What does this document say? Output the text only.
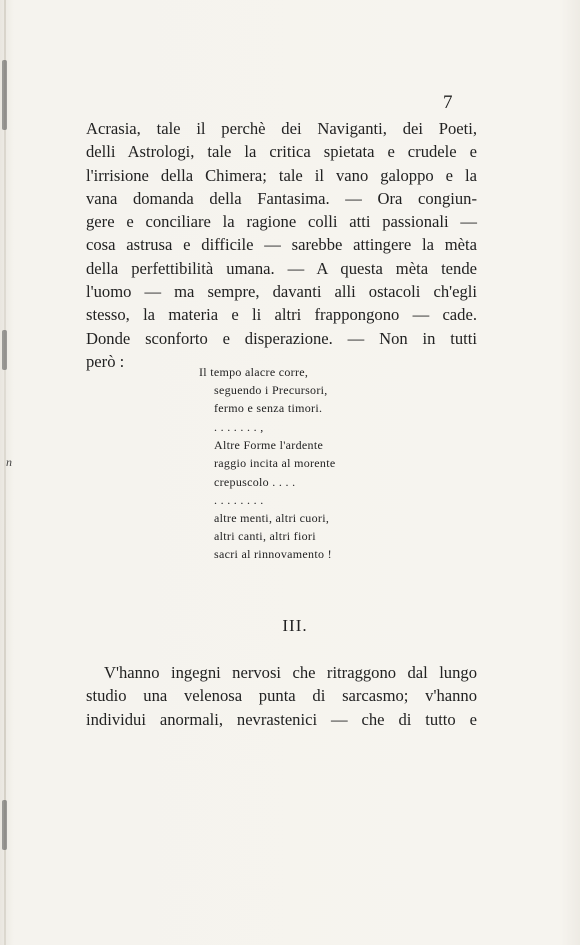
n
7
Acrasia, tale il perchè dei Naviganti, dei Poeti,
delli Astrologi, tale la critica spietata e crudele e
l'irrisione della Chimera; tale il vano galoppo e la
vana domanda della Fantasima. — Ora congiun-
gere e conciliare la ragione colli atti passionali —
cosa astrusa e difficile — sarebbe attingere la mèta
della perfettibilità umana. — A questa mèta tende
l'uomo — ma sempre, davanti alli ostacoli ch'egli
stesso, la materia e li altri frappongono — cade.
Donde sconforto e disperazione. — Non in tutti
però :
Il tempo alacre corre,
seguendo i Precursori,
fermo e senza timori.
. . . . . . . ,
Altre Forme l'ardente
raggio incita al morente
crepuscolo . . . .
. . . . . . . .
altre menti, altri cuori,
altri canti, altri fiori
sacri al rinnovamento !
III.
V'hanno ingegni nervosi che ritraggono dal lungo
studio una velenosa punta di sarcasmo; v'hanno
individui anormali, nevrastenici — che di tutto e
